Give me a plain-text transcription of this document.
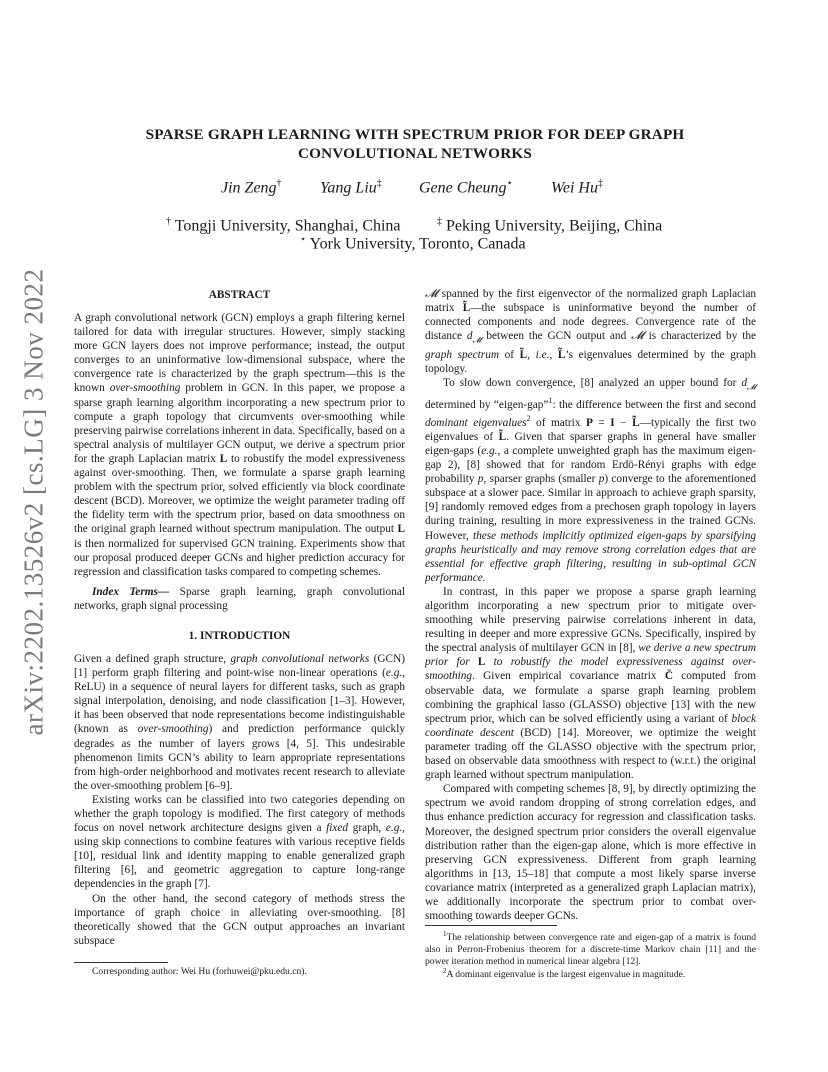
arXiv:2202.13526v2 [cs.LG] 3 Nov 2022
SPARSE GRAPH LEARNING WITH SPECTRUM PRIOR FOR DEEP GRAPH
CONVOLUTIONAL NETWORKS
Jin Zeng† Yang Liu‡ Gene Cheung⋆ Wei Hu‡
† Tongji University, Shanghai, China	‡ Peking University, Beijing, China
⋆ York University, Toronto, Canada

ABSTRACT

A graph convolutional network (GCN) employs a graph filtering kernel tailored for data with irregular structures. However, simply stacking more GCN layers does not improve performance; instead, the output converges to an uninformative low-dimensional subspace, where the convergence rate is characterized by the graph spectrum—this is the known over-smoothing problem in GCN. In this paper, we propose a sparse graph learning algorithm incorporating a new spectrum prior to compute a graph topology that circumvents over-smoothing while preserving pairwise correlations inherent in data. Specifically, based on a spectral analysis of multilayer GCN output, we derive a spectrum prior for the graph Laplacian matrix L to robustify the model expressiveness against over-smoothing. Then, we formulate a sparse graph learning problem with the spectrum prior, solved efficiently via block coordinate descent (BCD). Moreover, we optimize the weight parameter trading off the fidelity term with the spectrum prior, based on data smoothness on the original graph learned without spectrum manipulation. The output L is then normalized for supervised GCN training. Experiments show that our proposal produced deeper GCNs and higher prediction accuracy for regression and classification tasks compared to competing schemes.

Index Terms— Sparse graph learning, graph convolutional networks, graph signal processing

1. INTRODUCTION

Given a defined graph structure, graph convolutional networks (GCN) [1] perform graph filtering and point-wise non-linear operations (e.g., ReLU) in a sequence of neural layers for different tasks, such as graph signal interpolation, denoising, and node classification [1–3]. However, it has been observed that node representations become indistinguishable (known as over-smoothing) and prediction performance quickly degrades as the number of layers grows [4, 5]. This undesirable phenomenon limits GCN’s ability to learn appropriate representations from high-order neighborhood and motivates recent research to alleviate the over-smoothing problem [6–9].

Existing works can be classified into two categories depending on whether the graph topology is modified. The first category of methods focus on novel network architecture designs given a fixed graph, e.g., using skip connections to combine features with various receptive fields [10], residual link and identity mapping to enable generalized graph filtering [6], and geometric aggregation to capture long-range dependencies in the graph [7].

On the other hand, the second category of methods stress the importance of graph choice in alleviating over-smoothing. [8] theoretically showed that the GCN output approaches an invariant subspace

Corresponding author: Wei Hu (forhuwei@pku.edu.cn).

𝓜 spanned by the first eigenvector of the normalized graph Laplacian matrix L̃—the subspace is uninformative beyond the number of connected components and node degrees. Convergence rate of the distance $d_𝓜$ between the GCN output and 𝓜 is characterized by the graph spectrum of L̃, i.e., L̃’s eigenvalues determined by the graph topology.

To slow down convergence, [8] analyzed an upper bound for $d_𝓜$ determined by “eigen-gap”$^1$: the difference between the first and second dominant eigenvalues$^2$ of matrix P = I − L̃—typically the first two eigenvalues of L̃. Given that sparser graphs in general have smaller eigen-gaps (e.g., a complete unweighted graph has the maximum eigen-gap 2), [8] showed that for random Erdö-Rényi graphs with edge probability p, sparser graphs (smaller p) converge to the aforementioned subspace at a slower pace. Similar in approach to achieve graph sparsity, [9] randomly removed edges from a prechosen graph topology in layers during training, resulting in more expressiveness in the trained GCNs. However, these methods implicitly optimized eigen-gaps by sparsifying graphs heuristically and may remove strong correlation edges that are essential for effective graph filtering, resulting in sub-optimal GCN performance.

In contrast, in this paper we propose a sparse graph learning algorithm incorporating a new spectrum prior to mitigate over-smoothing while preserving pairwise correlations inherent in data, resulting in deeper and more expressive GCNs. Specifically, inspired by the spectral analysis of multilayer GCN in [8], we derive a new spectrum prior for L to robustify the model expressiveness against over-smoothing. Given empirical covariance matrix C̄ computed from observable data, we formulate a sparse graph learning problem combining the graphical lasso (GLASSO) objective [13] with the new spectrum prior, which can be solved efficiently using a variant of block coordinate descent (BCD) [14]. Moreover, we optimize the weight parameter trading off the GLASSO objective with the spectrum prior, based on observable data smoothness with respect to (w.r.t.) the original graph learned without spectrum manipulation.

Compared with competing schemes [8, 9], by directly optimizing the spectrum we avoid random dropping of strong correlation edges, and thus enhance prediction accuracy for regression and classification tasks. Moreover, the designed spectrum prior considers the overall eigenvalue distribution rather than the eigen-gap alone, which is more effective in preserving GCN expressiveness. Different from graph learning algorithms in [13, 15–18] that compute a most likely sparse inverse covariance matrix (interpreted as a generalized graph Laplacian matrix), we additionally incorporate the spectrum prior to combat over-smoothing towards deeper GCNs.

$^1$The relationship between convergence rate and eigen-gap of a matrix is found also in Perron-Frobenius theorem for a discrete-time Markov chain [11] and the power iteration method in numerical linear algebra [12].
$^2$A dominant eigenvalue is the largest eigenvalue in magnitude.
